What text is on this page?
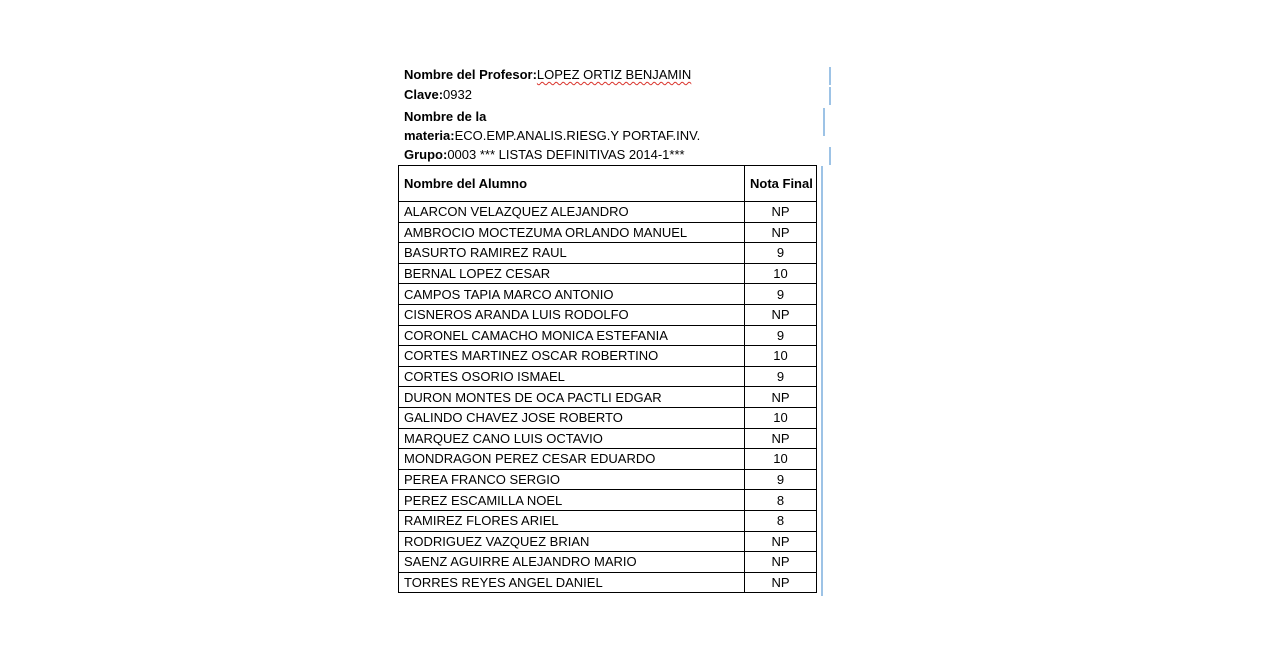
Nombre del Profesor:LOPEZ ORTIZ BENJAMIN
Clave:0932
Nombre de la materia:ECO.EMP.ANALIS.RIESG.Y PORTAF.INV.
Grupo:0003 *** LISTAS DEFINITIVAS 2014-1***
Nombre del Alumno	Nota Final
ALARCON VELAZQUEZ ALEJANDRO	NP
AMBROCIO MOCTEZUMA ORLANDO MANUEL	NP
BASURTO RAMIREZ RAUL	9
BERNAL LOPEZ CESAR	10
CAMPOS TAPIA MARCO ANTONIO	9
CISNEROS ARANDA LUIS RODOLFO	NP
CORONEL CAMACHO MONICA ESTEFANIA	9
CORTES MARTINEZ OSCAR ROBERTINO	10
CORTES OSORIO ISMAEL	9
DURON MONTES DE OCA PACTLI EDGAR	NP
GALINDO CHAVEZ JOSE ROBERTO	10
MARQUEZ CANO LUIS OCTAVIO	NP
MONDRAGON PEREZ CESAR EDUARDO	10
PEREA FRANCO SERGIO	9
PEREZ ESCAMILLA NOEL	8
RAMIREZ FLORES ARIEL	8
RODRIGUEZ VAZQUEZ BRIAN	NP
SAENZ AGUIRRE ALEJANDRO MARIO	NP
TORRES REYES ANGEL DANIEL	NP
